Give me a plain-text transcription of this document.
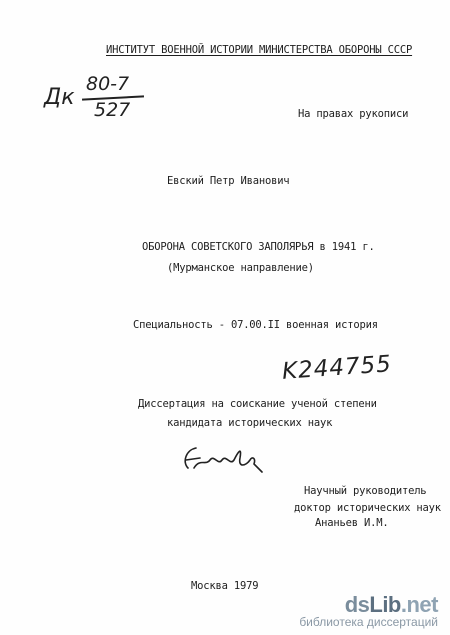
ИНСТИТУТ ВОЕННОЙ ИСТОРИИ МИНИСТЕРСТВА ОБОРОНЫ СССР
Дк
80-7
527	На правах рукописи
Евский Петр Иванович
ОБОРОНА СОВЕТСКОГО ЗАПОЛЯРЬЯ в 1941 г.
(Мурманское направление)
Специальность - 07.00.II военная история
K244755
Диссертация на соискание ученой степени
кандидата исторических наук
Научный руководитель
доктор исторических наук
Ананьев И.М.
Москва 1979
dsLib.net
библиотека диссертаций
